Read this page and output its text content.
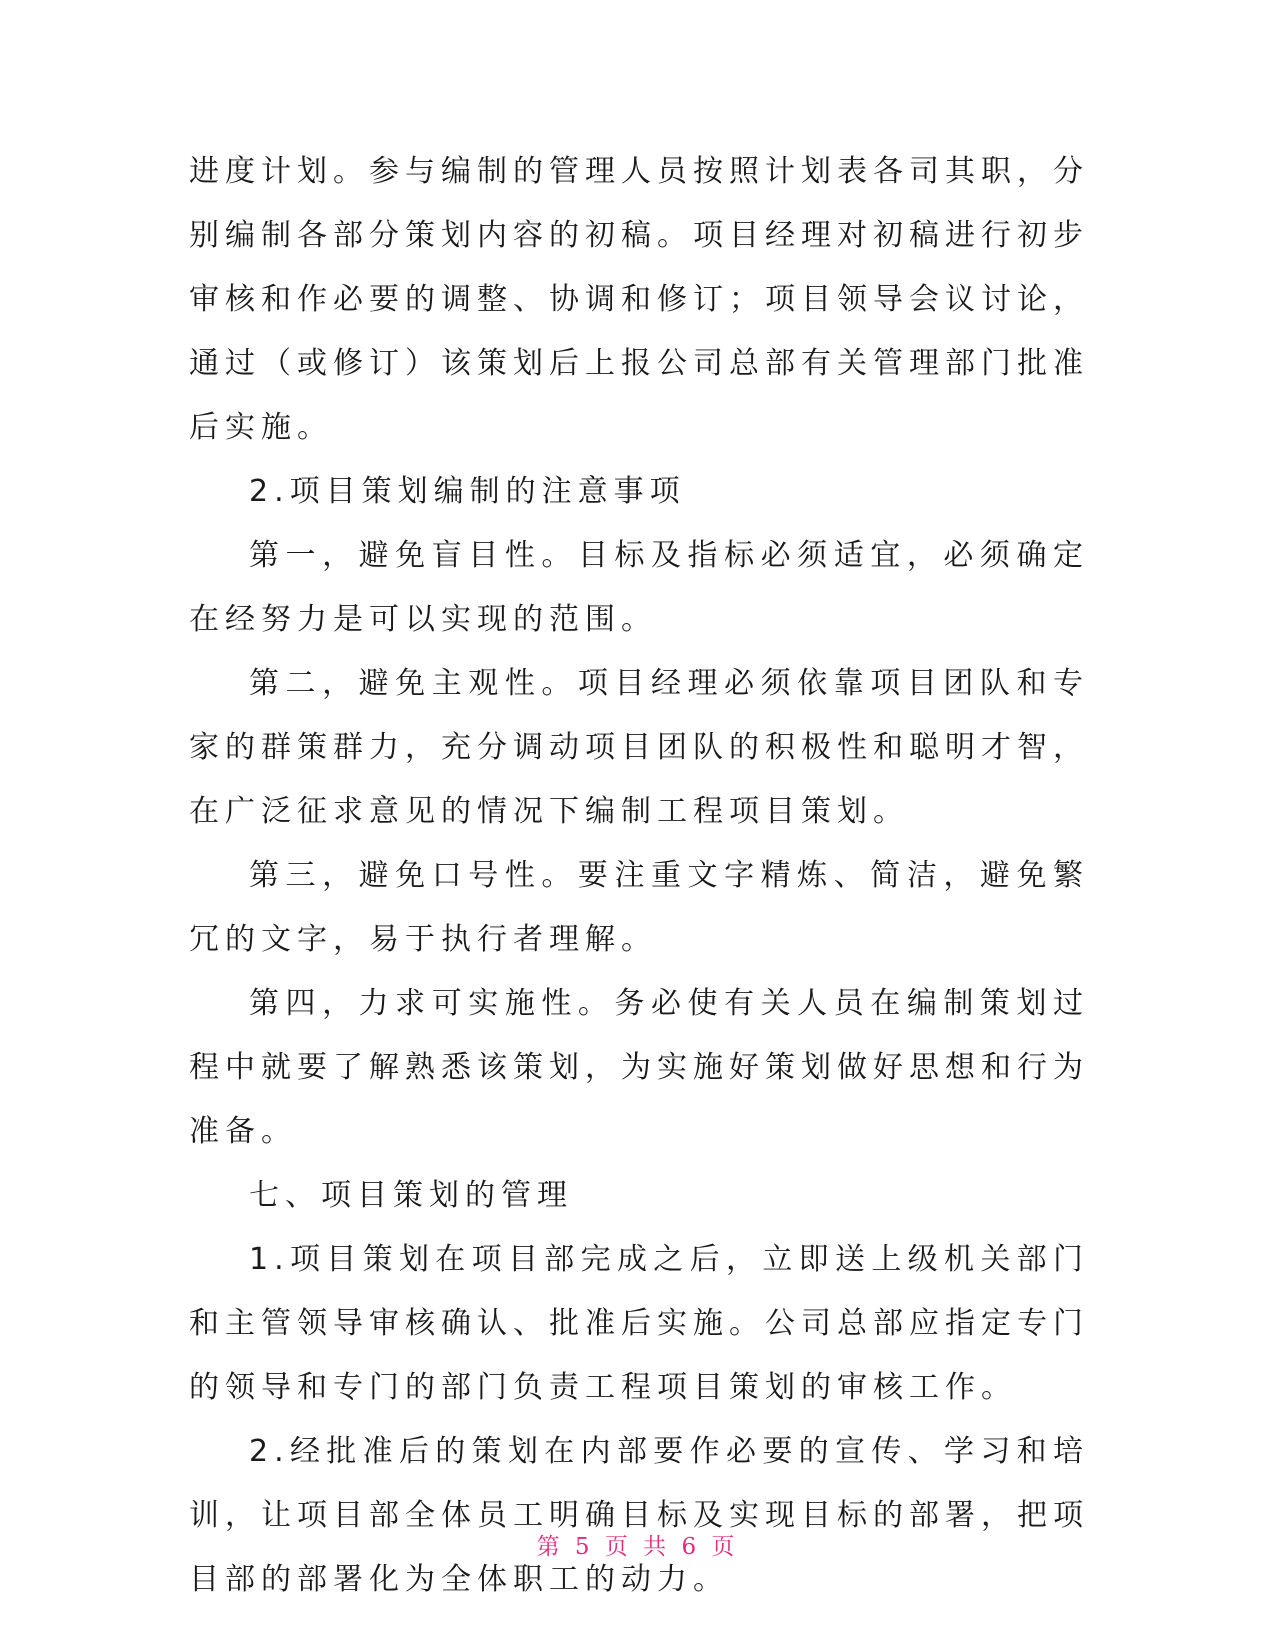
进度计划。参与编制的管理人员按照计划表各司其职，分别编制各部分策划内容的初稿。项目经理对初稿进行初步审核和作必要的调整、协调和修订；项目领导会议讨论，通过（或修订）该策划后上报公司总部有关管理部门批准后实施。

2.项目策划编制的注意事项

第一，避免盲目性。目标及指标必须适宜，必须确定在经努力是可以实现的范围。

第二，避免主观性。项目经理必须依靠项目团队和专家的群策群力，充分调动项目团队的积极性和聪明才智，在广泛征求意见的情况下编制工程项目策划。

第三，避免口号性。要注重文字精炼、简洁，避免繁冗的文字，易于执行者理解。

第四，力求可实施性。务必使有关人员在编制策划过程中就要了解熟悉该策划，为实施好策划做好思想和行为准备。

七、项目策划的管理

1.项目策划在项目部完成之后，立即送上级机关部门和主管领导审核确认、批准后实施。公司总部应指定专门的领导和专门的部门负责工程项目策划的审核工作。

2.经批准后的策划在内部要作必要的宣传、学习和培训，让项目部全体员工明确目标及实现目标的部署，把项目部的部署化为全体职工的动力。

第 5 页 共 6 页
